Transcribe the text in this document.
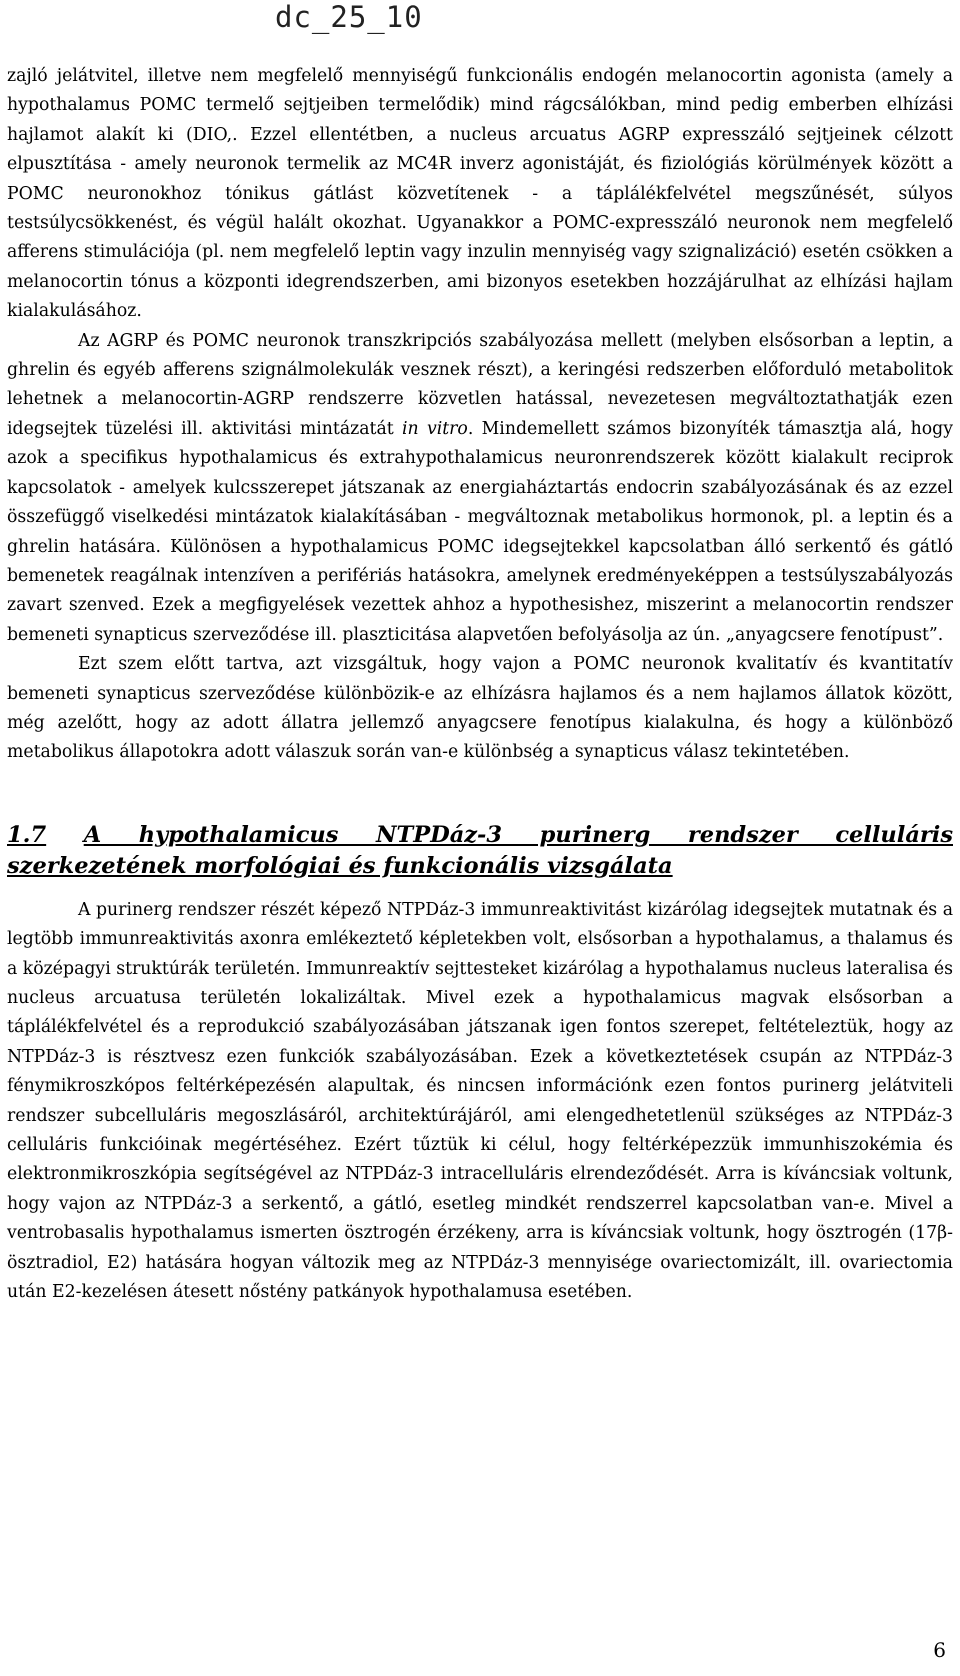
dc_25_10

zajló jelátvitel, illetve nem megfelelő mennyiségű funkcionális endogén melanocortin agonista (amely a hypothalamus POMC termelő sejtjeiben termelődik) mind rágcsálókban, mind pedig emberben elhízási hajlamot alakít ki (DIO,. Ezzel ellentétben, a nucleus arcuatus AGRP expresszáló sejtjeinek célzott elpusztítása - amely neuronok termelik az MC4R inverz agonistáját, és fiziológiás körülmények között a POMC neuronokhoz tónikus gátlást közvetítenek - a táplálékfelvétel megszűnését, súlyos testsúlycsökkenést, és végül halált okozhat. Ugyanakkor a POMC-expresszáló neuronok nem megfelelő afferens stimulációja (pl. nem megfelelő leptin vagy inzulin mennyiség vagy szignalizáció) esetén csökken a melanocortin tónus a központi idegrendszerben, ami bizonyos esetekben hozzájárulhat az elhízási hajlam kialakulásához.

Az AGRP és POMC neuronok transzkripciós szabályozása mellett (melyben elsősorban a leptin, a ghrelin és egyéb afferens szignálmolekulák vesznek részt), a keringési redszerben előforduló metabolitok lehetnek a melanocortin-AGRP rendszerre közvetlen hatással, nevezetesen megváltoztathatják ezen idegsejtek tüzelési ill. aktivitási mintázatát in vitro. Mindemellett számos bizonyíték támasztja alá, hogy azok a specifikus hypothalamicus és extrahypothalamicus neuronrendszerek között kialakult reciprok kapcsolatok - amelyek kulcsszerepet játszanak az energiaháztartás endocrin szabályozásának és az ezzel összefüggő viselkedési mintázatok kialakításában - megváltoznak metabolikus hormonok, pl. a leptin és a ghrelin hatására. Különösen a hypothalamicus POMC idegsejtekkel kapcsolatban álló serkentő és gátló bemenetek reagálnak intenzíven a perifériás hatásokra, amelynek eredményeképpen a testsúlyszabályozás zavart szenved. Ezek a megfigyelések vezettek ahhoz a hypothesishez, miszerint a melanocortin rendszer bemeneti synapticus szerveződése ill. plaszticitása alapvetően befolyásolja az ún. „anyagcsere fenotípust”.

Ezt szem előtt tartva, azt vizsgáltuk, hogy vajon a POMC neuronok kvalitatív és kvantitatív bemeneti synapticus szerveződése különbözik-e az elhízásra hajlamos és a nem hajlamos állatok között, még azelőtt, hogy az adott állatra jellemző anyagcsere fenotípus kialakulna, és hogy a különböző metabolikus állapotokra adott válaszuk során van-e különbség a synapticus válasz tekintetében.

1.7 A hypothalamicus NTPDáz-3 purinerg rendszer celluláris szerkezetének morfológiai és funkcionális vizsgálata

A purinerg rendszer részét képező NTPDáz-3 immunreaktivitást kizárólag idegsejtek mutatnak és a legtöbb immunreaktivitás axonra emlékeztető képletekben volt, elsősorban a hypothalamus, a thalamus és a középagyi struktúrák területén. Immunreaktív sejttesteket kizárólag a hypothalamus nucleus lateralisa és nucleus arcuatusa területén lokalizáltak. Mivel ezek a hypothalamicus magvak elsősorban a táplálékfelvétel és a reprodukció szabályozásában játszanak igen fontos szerepet, feltételeztük, hogy az NTPDáz-3 is résztvesz ezen funkciók szabályozásában. Ezek a következtetések csupán az NTPDáz-3 fénymikroszkópos feltérképezésén alapultak, és nincsen információnk ezen fontos purinerg jelátviteli rendszer subcelluláris megoszlásáról, architektúrájáról, ami elengedhetetlenül szükséges az NTPDáz-3 celluláris funkcióinak megértéséhez. Ezért tűztük ki célul, hogy feltérképezzük immunhiszokémia és elektronmikroszkópia segítségével az NTPDáz-3 intracelluláris elrendeződését. Arra is kíváncsiak voltunk, hogy vajon az NTPDáz-3 a serkentő, a gátló, esetleg mindkét rendszerrel kapcsolatban van-e. Mivel a ventrobasalis hypothalamus ismerten ösztrogén érzékeny, arra is kíváncsiak voltunk, hogy ösztrogén (17β-ösztradiol, E2) hatására hogyan változik meg az NTPDáz-3 mennyisége ovariectomizált, ill. ovariectomia után E2-kezelésen átesett nőstény patkányok hypothalamusa esetében.

6
